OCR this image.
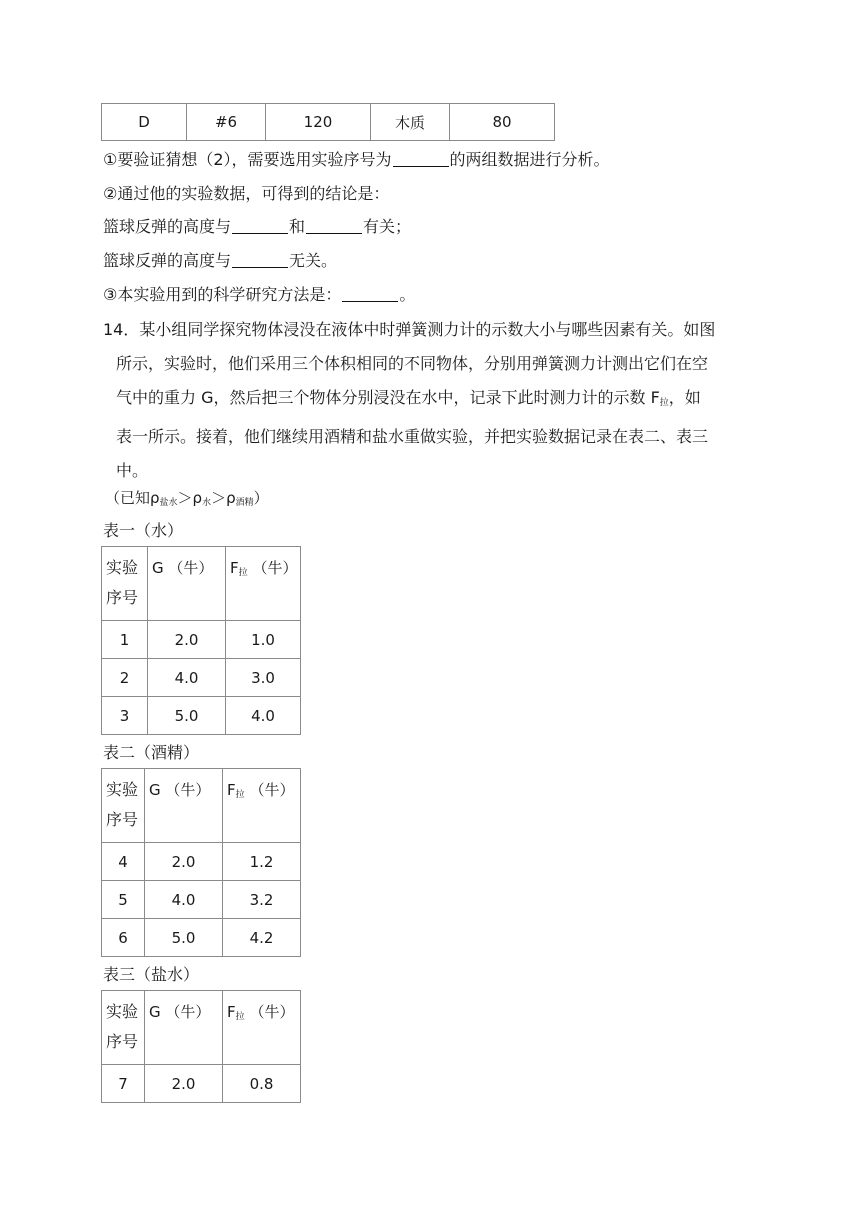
D	#6	120	木质	80
①要验证猜想（2），需要选用实验序号为	的两组数据进行分析。
②通过他的实验数据，可得到的结论是：
篮球反弹的高度与	和	有关；
篮球反弹的高度与	无关。
③本实验用到的科学研究方法是：	。
14．某小组同学探究物体浸没在液体中时弹簧测力计的示数大小与哪些因素有关。如图
所示，实验时，他们采用三个体积相同的不同物体，分别用弹簧测力计测出它们在空
气中的重力 G，然后把三个物体分别浸没在水中，记录下此时测力计的示数 $F_拉$，如
表一所示。接着，他们继续用酒精和盐水重做实验，并把实验数据记录在表二、表三
中。
（已知$\rho_{盐水}>\rho_水>\rho_{酒精}$）
表一（水）
实验序号	G （牛）	$F_拉$ （牛）
1	2.0	1.0
2	4.0	3.0
3	5.0	4.0
表二（酒精）
实验序号	G （牛）	$F_拉$ （牛）
4	2.0	1.2
5	4.0	3.2
6	5.0	4.2
表三（盐水）
实验序号	G （牛）	$F_拉$ （牛）
7	2.0	0.8
